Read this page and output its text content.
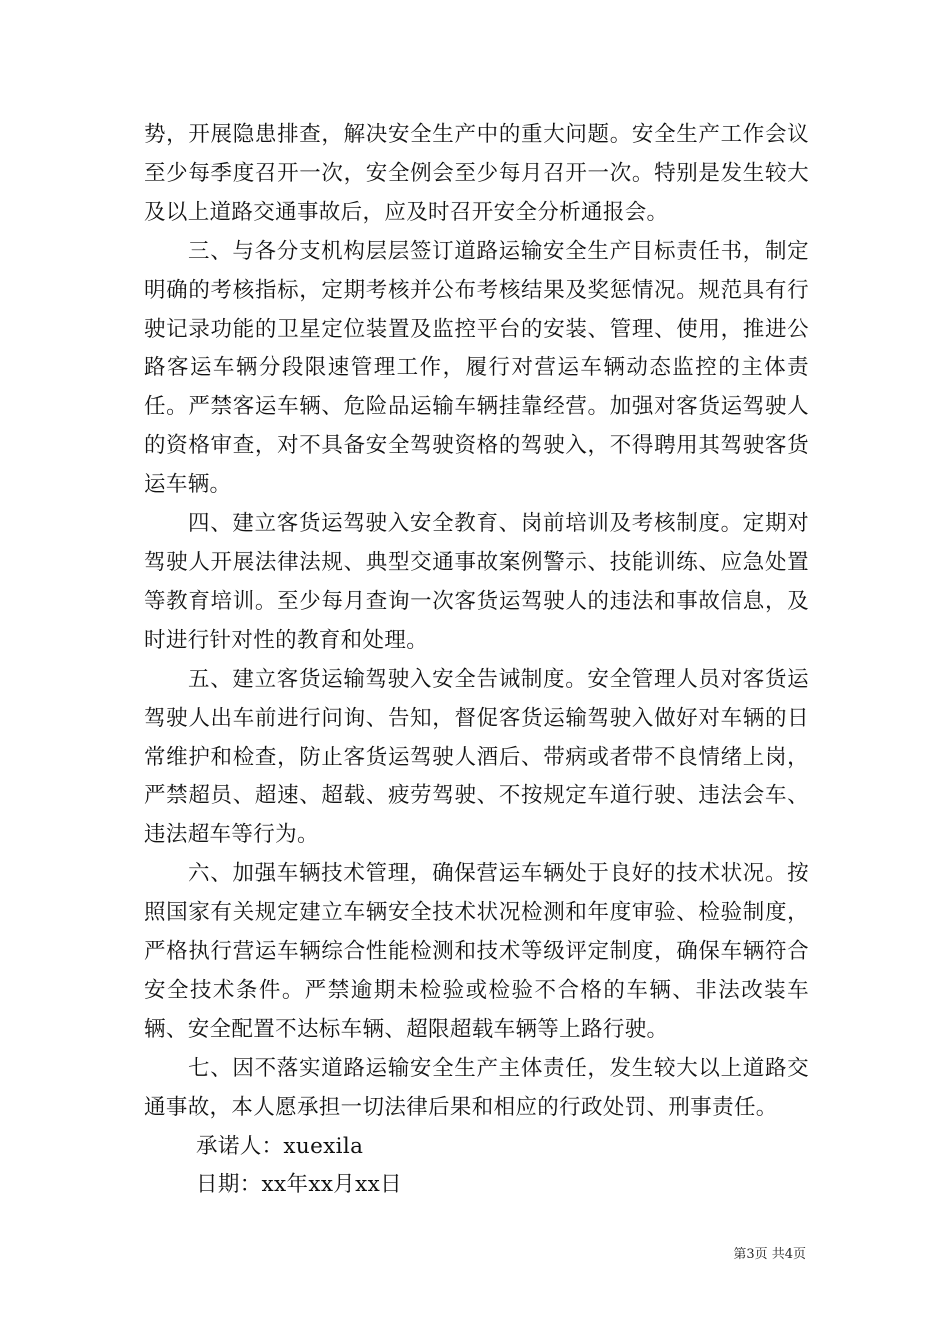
势，开展隐患排查，解决安全生产中的重大问题。安全生产工作会议至少每季度召开一次，安全例会至少每月召开一次。特别是发生较大及以上道路交通事故后，应及时召开安全分析通报会。

三、与各分支机构层层签订道路运输安全生产目标责任书，制定明确的考核指标，定期考核并公布考核结果及奖惩情况。规范具有行驶记录功能的卫星定位装置及监控平台的安装、管理、使用，推进公路客运车辆分段限速管理工作，履行对营运车辆动态监控的主体责任。严禁客运车辆、危险品运输车辆挂靠经营。加强对客货运驾驶人的资格审查，对不具备安全驾驶资格的驾驶入，不得聘用其驾驶客货运车辆。

四、建立客货运驾驶入安全教育、岗前培训及考核制度。定期对驾驶人开展法律法规、典型交通事故案例警示、技能训练、应急处置等教育培训。至少每月查询一次客货运驾驶人的违法和事故信息，及时进行针对性的教育和处理。

五、建立客货运输驾驶入安全告诫制度。安全管理人员对客货运驾驶人出车前进行问询、告知，督促客货运输驾驶入做好对车辆的日常维护和检查，防止客货运驾驶人酒后、带病或者带不良情绪上岗，严禁超员、超速、超载、疲劳驾驶、不按规定车道行驶、违法会车、违法超车等行为。

六、加强车辆技术管理，确保营运车辆处于良好的技术状况。按照国家有关规定建立车辆安全技术状况检测和年度审验、检验制度，严格执行营运车辆综合性能检测和技术等级评定制度，确保车辆符合安全技术条件。严禁逾期未检验或检验不合格的车辆、非法改装车辆、安全配置不达标车辆、超限超载车辆等上路行驶。

七、因不落实道路运输安全生产主体责任，发生较大以上道路交通事故，本人愿承担一切法律后果和相应的行政处罚、刑事责任。

承诺人：xuexila

日期：xx年xx月xx日

第3页 共4页
